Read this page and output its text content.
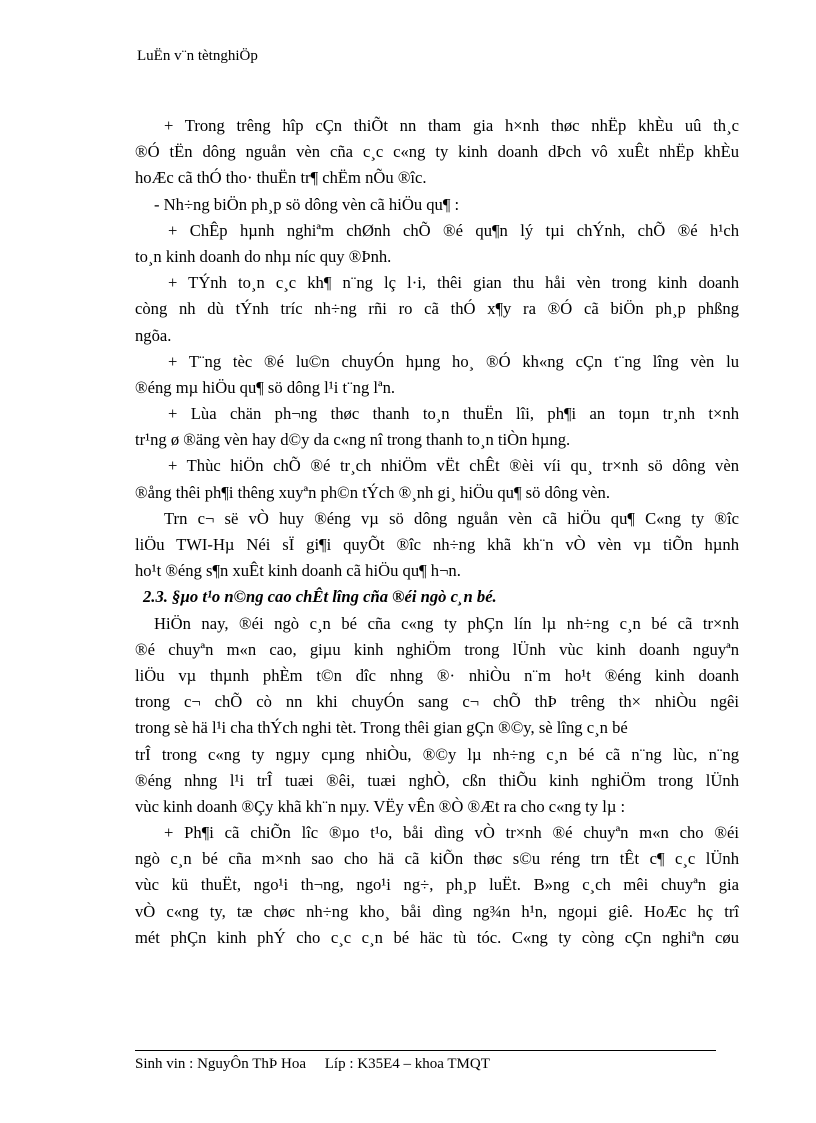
LuËn v¨n tètnghiÖp
+ Trong trêng hîp cÇn thiÕt nn tham gia h×nh thøc nhËp khÈu uû th¸c
®Ó tËn dông nguån vèn cña c¸c c«ng ty kinh doanh dÞch vô xuÊt nhËp khÈu
hoÆc cã thÓ tho· thuËn tr¶ chËm nÕu ®îc.
- Nh÷ng biÖn ph¸p sö dông vèn cã hiÖu qu¶ :
+ ChÊp hµnh nghiªm chØnh chÕ ®é qu¶n lý tµi chÝnh, chÕ ®é h¹ch
to¸n kinh doanh do nhµ níc quy ®Þnh.
+ TÝnh to¸n c¸c kh¶ n¨ng lç l·i, thêi gian thu håi vèn trong kinh doanh
còng nh dù tÝnh tríc nh÷ng rñi ro cã thÓ x¶y ra ®Ó cã biÖn ph¸p phßng
ngõa.
+ T¨ng tèc ®é lu©n chuyÓn hµng ho¸ ®Ó kh«ng cÇn t¨ng lîng vèn lu
®éng mµ hiÖu qu¶ sö dông l¹i t¨ng lªn.
+ Lùa chän ph¬ng thøc thanh to¸n thuËn lîi, ph¶i an toµn tr¸nh t×nh
tr¹ng ø ®äng vèn hay d©y da c«ng nî trong thanh to¸n tiÒn hµng.
+ Thùc hiÖn chÕ ®é tr¸ch nhiÖm vËt chÊt ®èi víi qu¸ tr×nh sö dông vèn
®ång thêi ph¶i thêng xuyªn ph©n tÝch ®¸nh gi¸ hiÖu qu¶ sö dông vèn.
Trn c¬ së vÒ huy ®éng vµ sö dông nguån vèn cã hiÖu qu¶ C«ng ty ®îc
liÖu TWI-Hµ Néi sÏ gi¶i quyÕt ®îc nh÷ng khã kh¨n vÒ vèn vµ tiÕn hµnh
ho¹t ®éng s¶n xuÊt kinh doanh cã hiÖu qu¶ h¬n.
2.3. §µo t¹o n©ng cao chÊt lîng cña ®éi ngò c¸n bé.
HiÖn nay, ®éi ngò c¸n bé cña c«ng ty phÇn lín lµ nh÷ng c¸n bé cã tr×nh
®é chuyªn m«n cao, giµu kinh nghiÖm trong lÜnh vùc kinh doanh nguyªn
liÖu vµ thµnh phÈm t©n dîc nhng ®· nhiÒu n¨m ho¹t ®éng kinh doanh
trong c¬ chÕ cò nn khi chuyÓn sang c¬ chÕ thÞ trêng th× nhiÒu ngêi
trong sè hä l¹i cha thÝch nghi tèt. Trong thêi gian gÇn ®©y, sè lîng c¸n bé
trÎ trong c«ng ty ngµy cµng nhiÒu, ®©y lµ nh÷ng c¸n bé cã n¨ng lùc, n¨ng
®éng nhng l¹i trÎ tuæi ®êi, tuæi nghÒ, cßn thiÕu kinh nghiÖm trong lÜnh
vùc kinh doanh ®Çy khã kh¨n nµy. VËy vÊn ®Ò ®Æt ra cho c«ng ty lµ :
+ Ph¶i cã chiÕn lîc ®µo t¹o, båi dìng vÒ tr×nh ®é chuyªn m«n cho ®éi
ngò c¸n bé cña m×nh sao cho hä cã kiÕn thøc s©u réng trn tÊt c¶ c¸c lÜnh
vùc kü thuËt, ngo¹i th¬ng, ngo¹i ng÷, ph¸p luËt. B»ng c¸ch mêi chuyªn gia
vÒ c«ng ty, tæ chøc nh÷ng kho¸ båi dìng ng¾n h¹n, ngoµi giê. HoÆc hç trî
mét phÇn kinh phÝ cho c¸c c¸n bé häc tù tóc. C«ng ty còng cÇn nghiªn cøu
Sinh vin : NguyÔn ThÞ Hoa     Líp : K35E4 – khoa TMQT
